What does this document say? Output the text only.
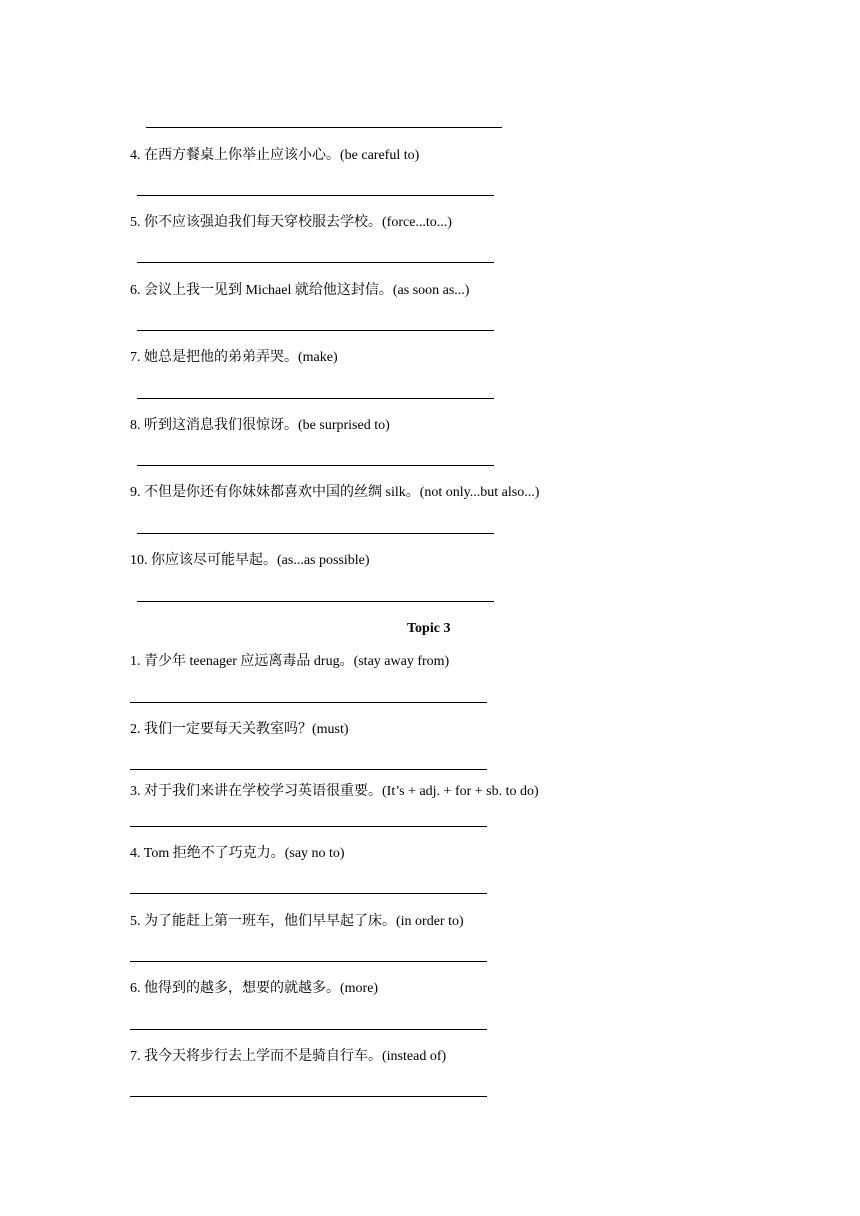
4. 在西方餐桌上你举止应该小心。(be careful to)
5. 你不应该强迫我们每天穿校服去学校。(force...to...)
6. 会议上我一见到 Michael 就给他这封信。(as soon as...)
7. 她总是把他的弟弟弄哭。(make)
8. 听到这消息我们很惊讶。(be surprised to)
9. 不但是你还有你妹妹都喜欢中国的丝绸 silk。(not only...but also...)
10. 你应该尽可能早起。(as...as possible)
Topic 3
1. 青少年 teenager 应远离毒品 drug。(stay away from)
2. 我们一定要每天关教室吗？(must)
3. 对于我们来讲在学校学习英语很重要。(It’s + adj. + for + sb. to do)
4. Tom 拒绝不了巧克力。(say no to)
5. 为了能赶上第一班车，他们早早起了床。(in order to)
6. 他得到的越多，想要的就越多。(more)
7. 我今天将步行去上学而不是骑自行车。(instead of)
